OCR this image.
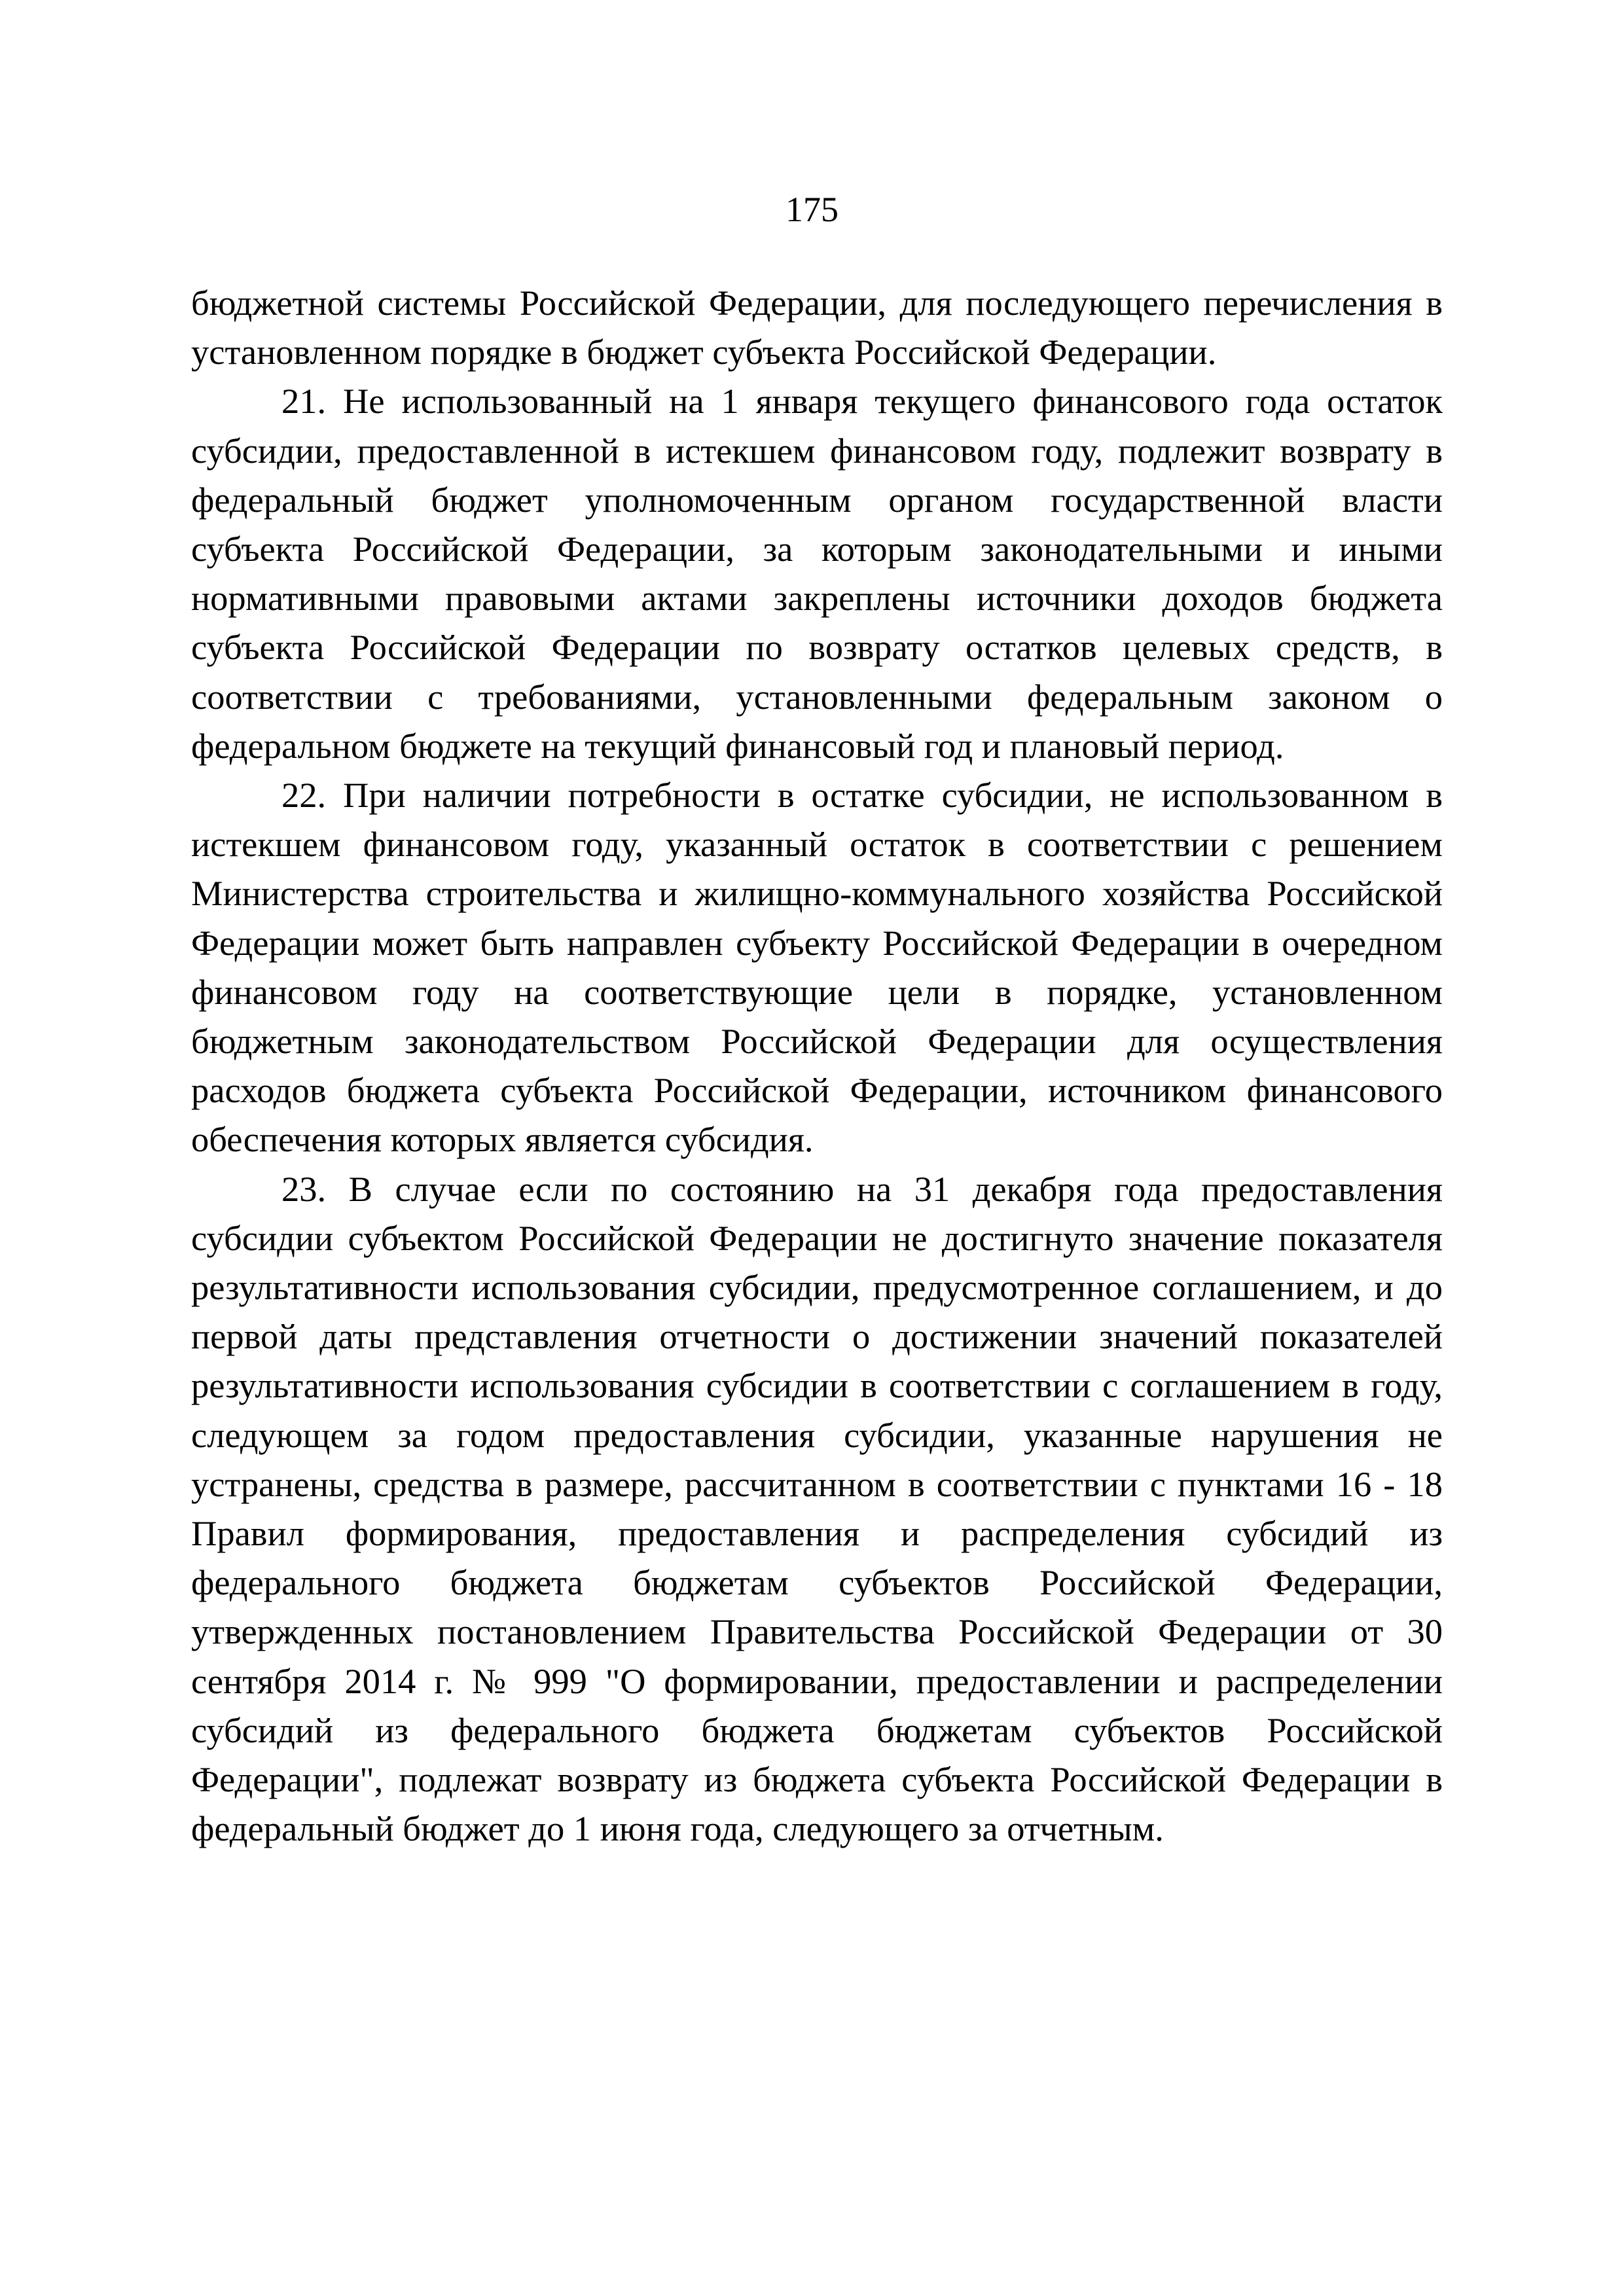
175

бюджетной системы Российской Федерации, для последующего перечисления в установленном порядке в бюджет субъекта Российской Федерации.

21. Не использованный на 1 января текущего финансового года остаток субсидии, предоставленной в истекшем финансовом году, подлежит возврату в федеральный бюджет уполномоченным органом государственной власти субъекта Российской Федерации, за которым законодательными и иными нормативными правовыми актами закреплены источники доходов бюджета субъекта Российской Федерации по возврату остатков целевых средств, в соответствии с требованиями, установленными федеральным законом о федеральном бюджете на текущий финансовый год и плановый период.

22. При наличии потребности в остатке субсидии, не использованном в истекшем финансовом году, указанный остаток в соответствии с решением Министерства строительства и жилищно-коммунального хозяйства Российской Федерации может быть направлен субъекту Российской Федерации в очередном финансовом году на соответствующие цели в порядке, установленном бюджетным законодательством Российской Федерации для осуществления расходов бюджета субъекта Российской Федерации, источником финансового обеспечения которых является субсидия.

23. В случае если по состоянию на 31 декабря года предоставления субсидии субъектом Российской Федерации не достигнуто значение показателя результативности использования субсидии, предусмотренное соглашением, и до первой даты представления отчетности о достижении значений показателей результативности использования субсидии в соответствии с соглашением в году, следующем за годом предоставления субсидии, указанные нарушения не устранены, средства в размере, рассчитанном в соответствии с пунктами 16 - 18 Правил формирования, предоставления и распределения субсидий из федерального бюджета бюджетам субъектов Российской Федерации, утвержденных постановлением Правительства Российской Федерации от 30 сентября 2014 г. № 999 "О формировании, предоставлении и распределении субсидий из федерального бюджета бюджетам субъектов Российской Федерации", подлежат возврату из бюджета субъекта Российской Федерации в федеральный бюджет до 1 июня года, следующего за отчетным.
